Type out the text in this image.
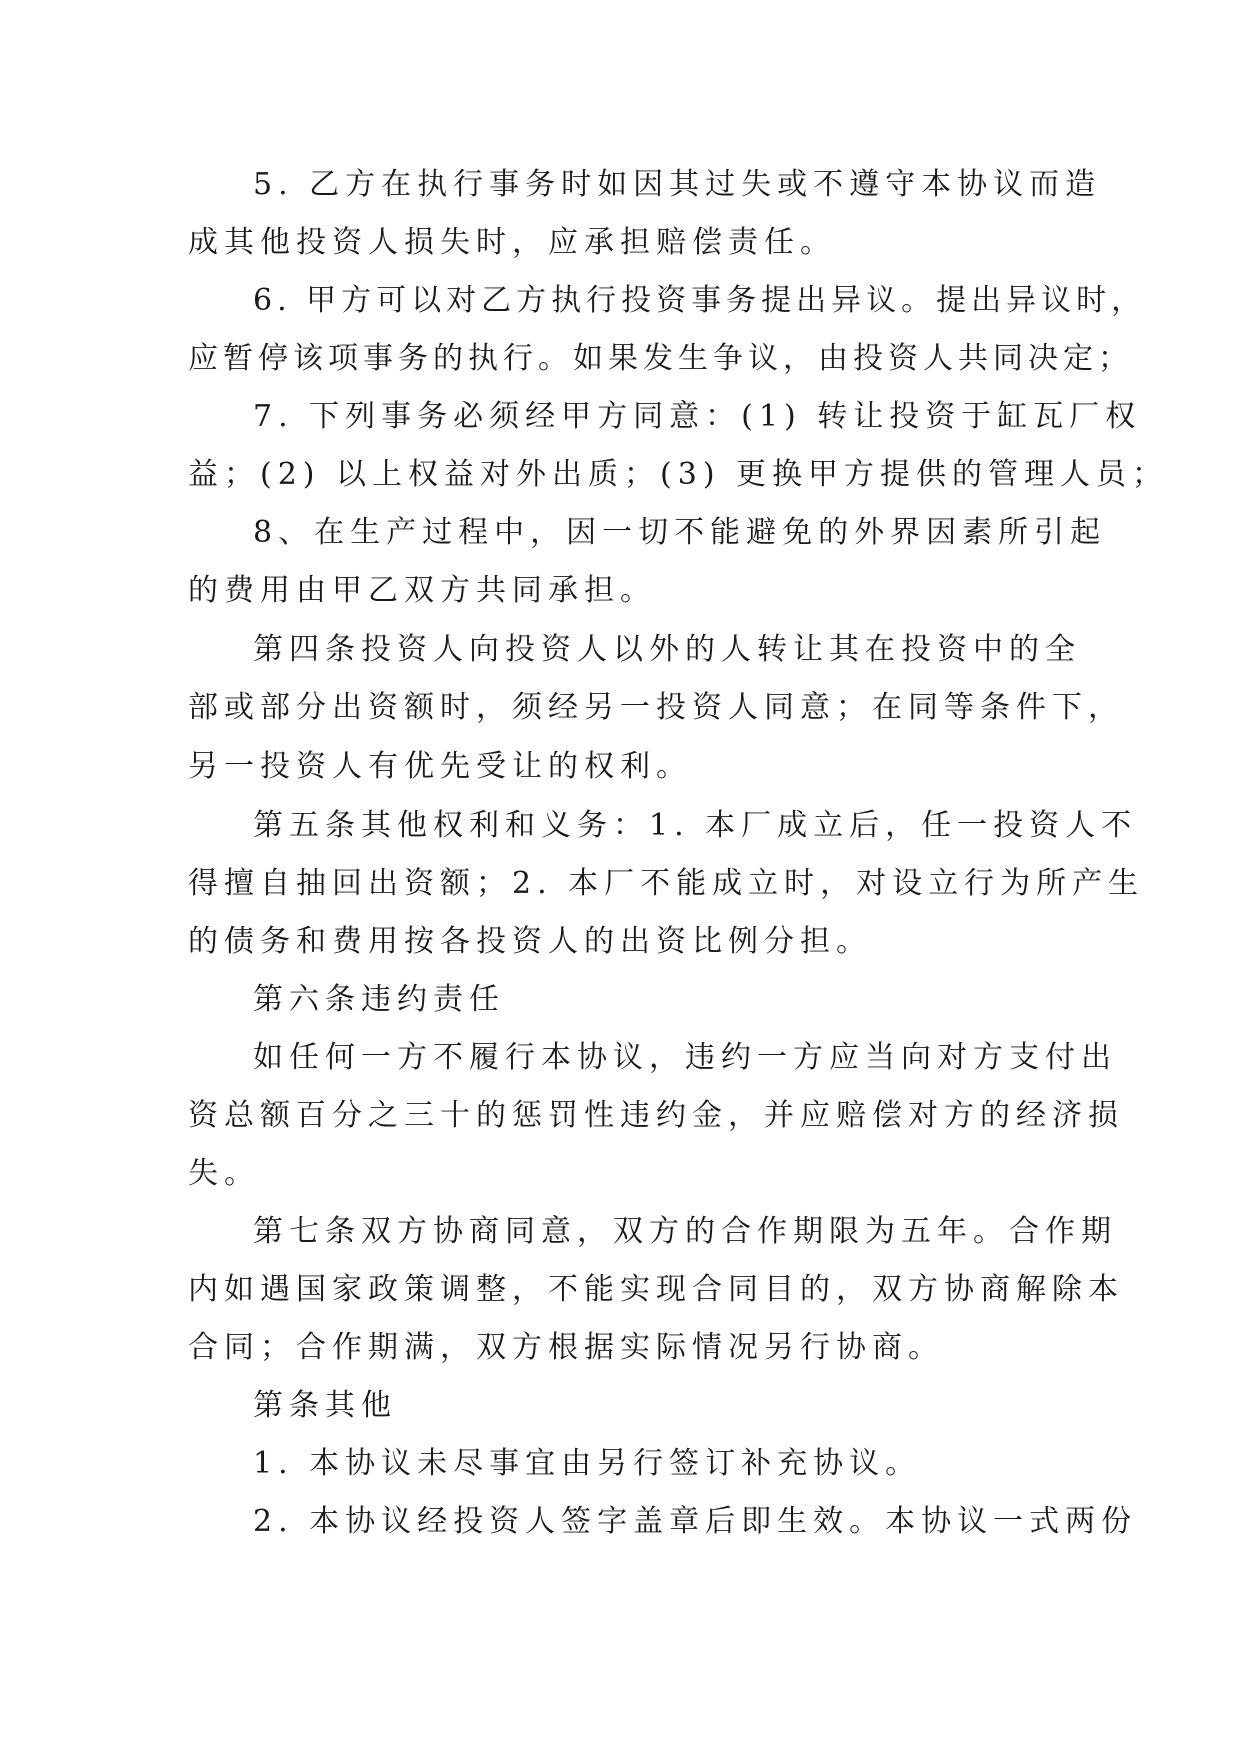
5. 乙方在执行事务时如因其过失或不遵守本协议而造

成其他投资人损失时，应承担赔偿责任。

6. 甲方可以对乙方执行投资事务提出异议。提出异议时，

应暂停该项事务的执行。如果发生争议，由投资人共同决定；

7. 下列事务必须经甲方同意：(1) 转让投资于缸瓦厂权

益；(2) 以上权益对外出质；(3) 更换甲方提供的管理人员；

8、在生产过程中，因一切不能避免的外界因素所引起

的费用由甲乙双方共同承担。

第四条投资人向投资人以外的人转让其在投资中的全

部或部分出资额时，须经另一投资人同意；在同等条件下，

另一投资人有优先受让的权利。

第五条其他权利和义务：1. 本厂成立后，任一投资人不

得擅自抽回出资额；2. 本厂不能成立时，对设立行为所产生

的债务和费用按各投资人的出资比例分担。

第六条违约责任

如任何一方不履行本协议，违约一方应当向对方支付出

资总额百分之三十的惩罚性违约金，并应赔偿对方的经济损

失。

第七条双方协商同意，双方的合作期限为五年。合作期

内如遇国家政策调整，不能实现合同目的，双方协商解除本

合同；合作期满，双方根据实际情况另行协商。

第条其他

1. 本协议未尽事宜由另行签订补充协议。

2. 本协议经投资人签字盖章后即生效。本协议一式两份
